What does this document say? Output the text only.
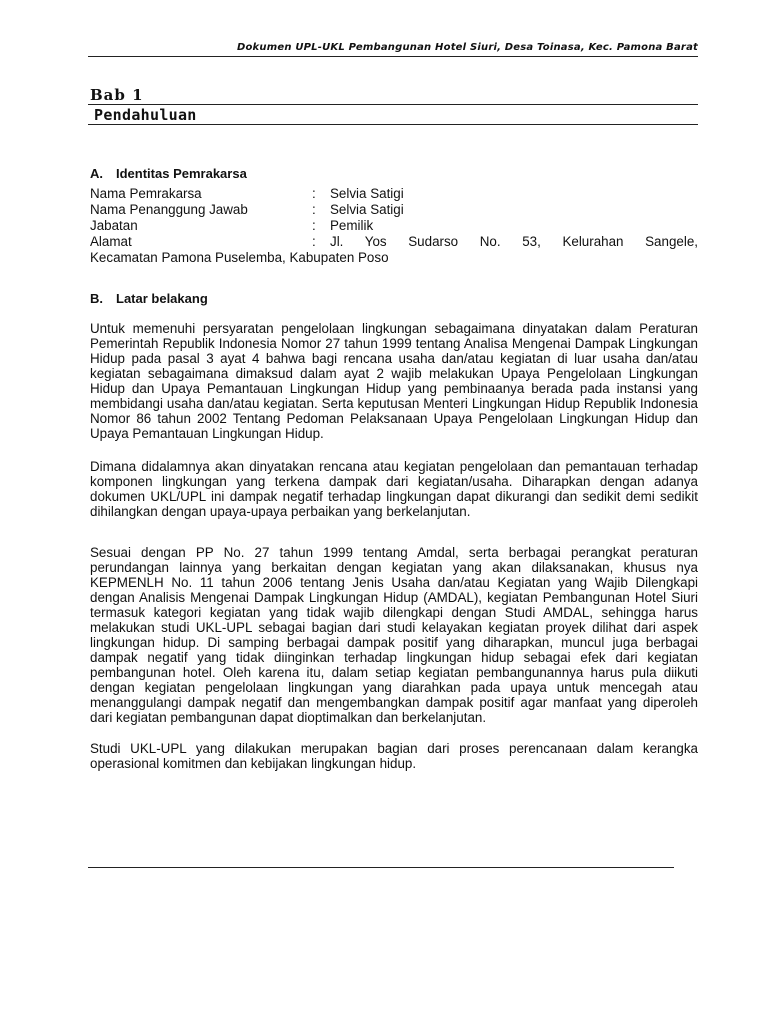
Dokumen UPL-UKL Pembangunan Hotel Siuri, Desa Toinasa, Kec. Pamona Barat
Bab 1
Pendahuluan
A. Identitas Pemrakarsa
Nama Pemrakarsa	:	Selvia Satigi
Nama Penanggung Jawab	:	Selvia Satigi
Jabatan	:	Pemilik
Alamat	:	Jl. Yos Sudarso No. 53, Kelurahan Sangele,
Kecamatan Pamona Puselemba, Kabupaten Poso
B. Latar belakang

Untuk memenuhi persyaratan pengelolaan lingkungan sebagaimana dinyatakan dalam Peraturan Pemerintah Republik Indonesia Nomor 27 tahun 1999 tentang Analisa Mengenai Dampak Lingkungan Hidup pada pasal 3 ayat 4 bahwa bagi rencana usaha dan/atau kegiatan di luar usaha dan/atau kegiatan sebagaimana dimaksud dalam ayat 2 wajib melakukan Upaya Pengelolaan Lingkungan Hidup dan Upaya Pemantauan Lingkungan Hidup yang pembinaanya berada pada instansi yang membidangi usaha dan/atau kegiatan. Serta keputusan Menteri Lingkungan Hidup Republik Indonesia Nomor 86 tahun 2002 Tentang Pedoman Pelaksanaan Upaya Pengelolaan Lingkungan Hidup dan Upaya Pemantauan Lingkungan Hidup.

Dimana didalamnya akan dinyatakan rencana atau kegiatan pengelolaan dan pemantauan terhadap komponen lingkungan yang terkena dampak dari kegiatan/usaha. Diharapkan dengan adanya dokumen UKL/UPL ini dampak negatif terhadap lingkungan dapat dikurangi dan sedikit demi sedikit dihilangkan dengan upaya-upaya perbaikan yang berkelanjutan.

Sesuai dengan PP No. 27 tahun 1999 tentang Amdal, serta berbagai perangkat peraturan perundangan lainnya yang berkaitan dengan kegiatan yang akan dilaksanakan, khusus nya KEPMENLH No. 11 tahun 2006 tentang Jenis Usaha dan/atau Kegiatan yang Wajib Dilengkapi dengan Analisis Mengenai Dampak Lingkungan Hidup (AMDAL), kegiatan Pembangunan Hotel Siuri termasuk kategori kegiatan yang tidak wajib dilengkapi dengan Studi AMDAL, sehingga harus melakukan studi UKL-UPL sebagai bagian dari studi kelayakan kegiatan proyek dilihat dari aspek lingkungan hidup. Di samping berbagai dampak positif yang diharapkan, muncul juga berbagai dampak negatif yang tidak diinginkan terhadap lingkungan hidup sebagai efek dari kegiatan pembangunan hotel. Oleh karena itu, dalam setiap kegiatan pembangunannya harus pula diikuti dengan kegiatan pengelolaan lingkungan yang diarahkan pada upaya untuk mencegah atau menanggulangi dampak negatif dan mengembangkan dampak positif agar manfaat yang diperoleh dari kegiatan pembangunan dapat dioptimalkan dan berkelanjutan.

Studi UKL-UPL yang dilakukan merupakan bagian dari proses perencanaan dalam kerangka operasional komitmen dan kebijakan lingkungan hidup.
